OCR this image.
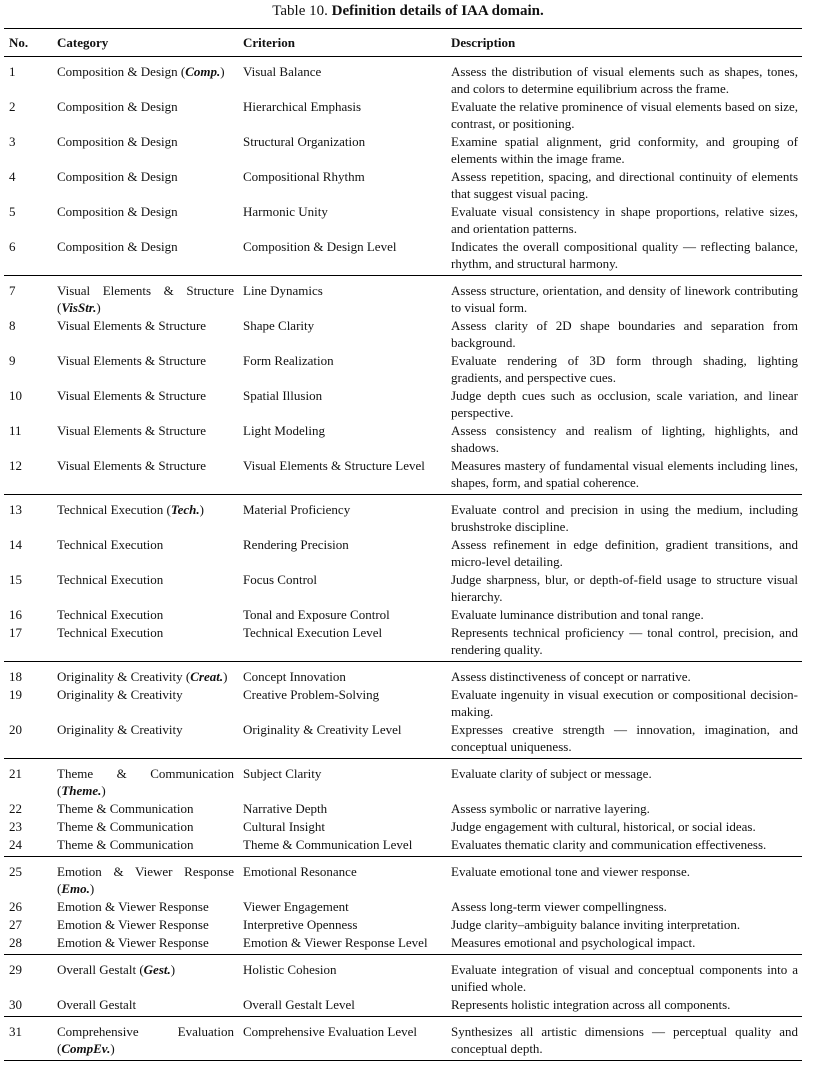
Table 10. Definition details of IAA domain.
No.	Category	Criterion	Description
1	Composition & Design (Comp.)	Visual Balance	Assess the distribution of visual elements such as shapes, tones, and colors to determine equilibrium across the frame.
2	Composition & Design	Hierarchical Emphasis	Evaluate the relative prominence of visual elements based on size, contrast, or positioning.
3	Composition & Design	Structural Organization	Examine spatial alignment, grid conformity, and grouping of elements within the image frame.
4	Composition & Design	Compositional Rhythm	Assess repetition, spacing, and directional continuity of elements that suggest visual pacing.
5	Composition & Design	Harmonic Unity	Evaluate visual consistency in shape proportions, relative sizes, and orientation patterns.
6	Composition & Design	Composition & Design Level	Indicates the overall compositional quality — reflecting balance, rhythm, and structural harmony.
7	Visual Elements & Structure (VisStr.)	Line Dynamics	Assess structure, orientation, and density of linework contributing to visual form.
8	Visual Elements & Structure	Shape Clarity	Assess clarity of 2D shape boundaries and separation from background.
9	Visual Elements & Structure	Form Realization	Evaluate rendering of 3D form through shading, lighting gradients, and perspective cues.
10	Visual Elements & Structure	Spatial Illusion	Judge depth cues such as occlusion, scale variation, and linear perspective.
11	Visual Elements & Structure	Light Modeling	Assess consistency and realism of lighting, highlights, and shadows.
12	Visual Elements & Structure	Visual Elements & Structure Level	Measures mastery of fundamental visual elements including lines, shapes, form, and spatial coherence.
13	Technical Execution (Tech.)	Material Proficiency	Evaluate control and precision in using the medium, including brushstroke discipline.
14	Technical Execution	Rendering Precision	Assess refinement in edge definition, gradient transitions, and micro-level detailing.
15	Technical Execution	Focus Control	Judge sharpness, blur, or depth-of-field usage to structure visual hierarchy.
16	Technical Execution	Tonal and Exposure Control	Evaluate luminance distribution and tonal range.
17	Technical Execution	Technical Execution Level	Represents technical proficiency — tonal control, precision, and rendering quality.
18	Originality & Creativity (Creat.)	Concept Innovation	Assess distinctiveness of concept or narrative.
19	Originality & Creativity	Creative Problem-Solving	Evaluate ingenuity in visual execution or compositional decision-making.
20	Originality & Creativity	Originality & Creativity Level	Expresses creative strength — innovation, imagination, and conceptual uniqueness.
21	Theme & Communication (Theme.)	Subject Clarity	Evaluate clarity of subject or message.
22	Theme & Communication	Narrative Depth	Assess symbolic or narrative layering.
23	Theme & Communication	Cultural Insight	Judge engagement with cultural, historical, or social ideas.
24	Theme & Communication	Theme & Communication Level	Evaluates thematic clarity and communication effectiveness.
25	Emotion & Viewer Response (Emo.)	Emotional Resonance	Evaluate emotional tone and viewer response.
26	Emotion & Viewer Response	Viewer Engagement	Assess long-term viewer compellingness.
27	Emotion & Viewer Response	Interpretive Openness	Judge clarity–ambiguity balance inviting interpretation.
28	Emotion & Viewer Response	Emotion & Viewer Response Level	Measures emotional and psychological impact.
29	Overall Gestalt (Gest.)	Holistic Cohesion	Evaluate integration of visual and conceptual components into a unified whole.
30	Overall Gestalt	Overall Gestalt Level	Represents holistic integration across all components.
31	Comprehensive Evaluation (CompEv.)	Comprehensive Evaluation Level	Synthesizes all artistic dimensions — perceptual quality and conceptual depth.
